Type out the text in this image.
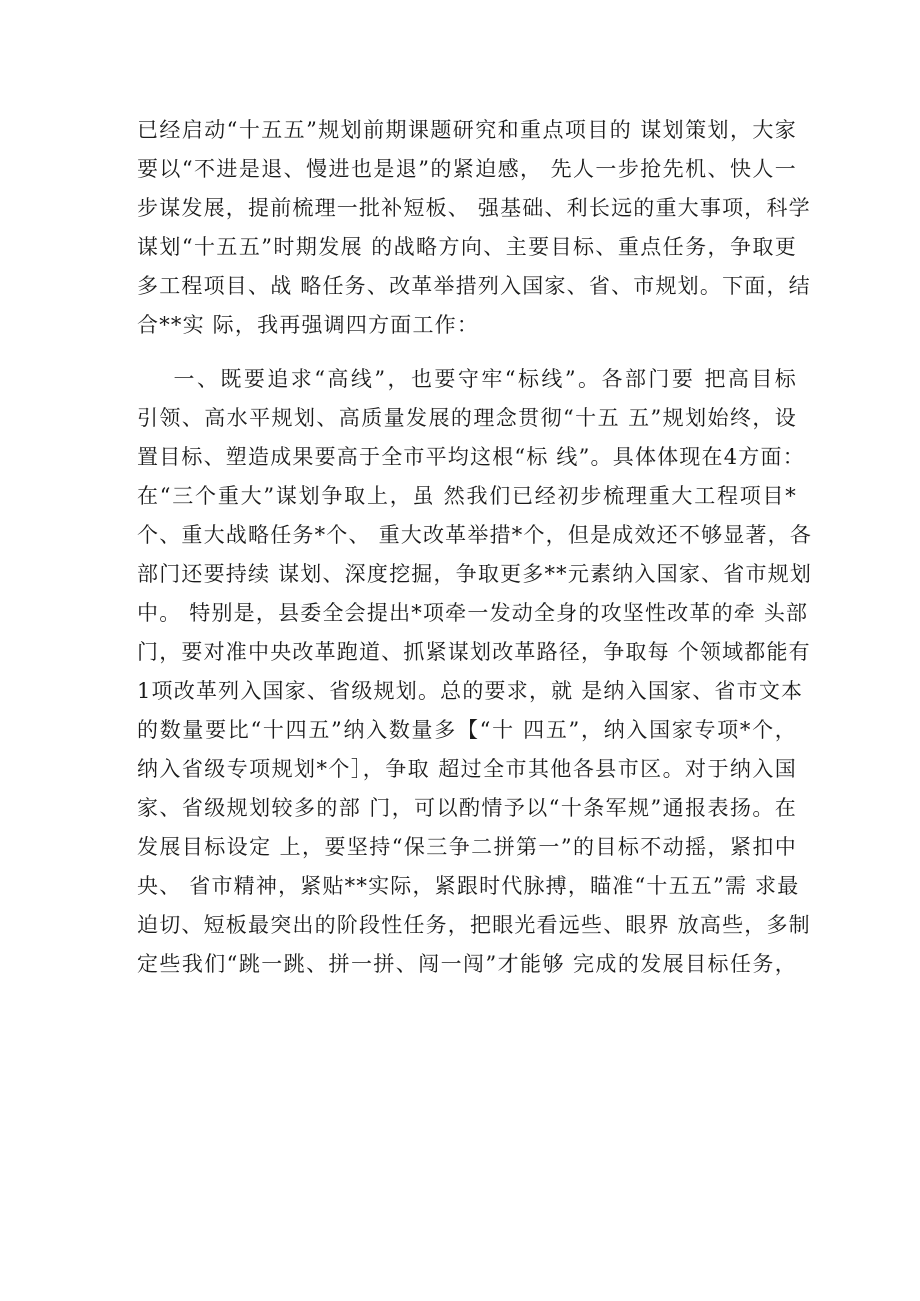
已经启动“十五五”规划前期课题研究和重点项目的 谋划策划，大家
要以“不进是退、慢进也是退”的紧迫感， 先人一步抢先机、快人一
步谋发展，提前梳理一批补短板、 强基础、利长远的重大事项，科学
谋划“十五五”时期发展 的战略方向、主要目标、重点任务，争取更
多工程项目、战 略任务、改革举措列入国家、省、市规划。下面，结
合**实 际，我再强调四方面工作：
一、既要追求“高线”，也要守牢“标线”。各部门要 把高目标
引领、高水平规划、高质量发展的理念贯彻“十五 五”规划始终，设
置目标、塑造成果要高于全市平均这根“标 线”。具体体现在4方面：
在“三个重大”谋划争取上，虽 然我们已经初步梳理重大工程项目*
个、重大战略任务*个、 重大改革举措*个，但是成效还不够显著，各
部门还要持续 谋划、深度挖掘，争取更多**元素纳入国家、省市规划
中。 特别是，县委全会提出*项牵一发动全身的攻坚性改革的牵 头部
门，要对准中央改革跑道、抓紧谋划改革路径，争取每 个领域都能有
1项改革列入国家、省级规划。总的要求，就 是纳入国家、省市文本
的数量要比“十四五”纳入数量多【“十 四五”，纳入国家专项*个，
纳入省级专项规划*个］，争取 超过全市其他各县市区。对于纳入国
家、省级规划较多的部 门，可以酌情予以“十条军规”通报表扬。在
发展目标设定 上，要坚持“保三争二拼第一”的目标不动摇，紧扣中
央、 省市精神，紧贴**实际，紧跟时代脉搏，瞄准“十五五”需 求最
迫切、短板最突出的阶段性任务，把眼光看远些、眼界 放高些，多制
定些我们“跳一跳、拼一拼、闯一闯”才能够 完成的发展目标任务，
